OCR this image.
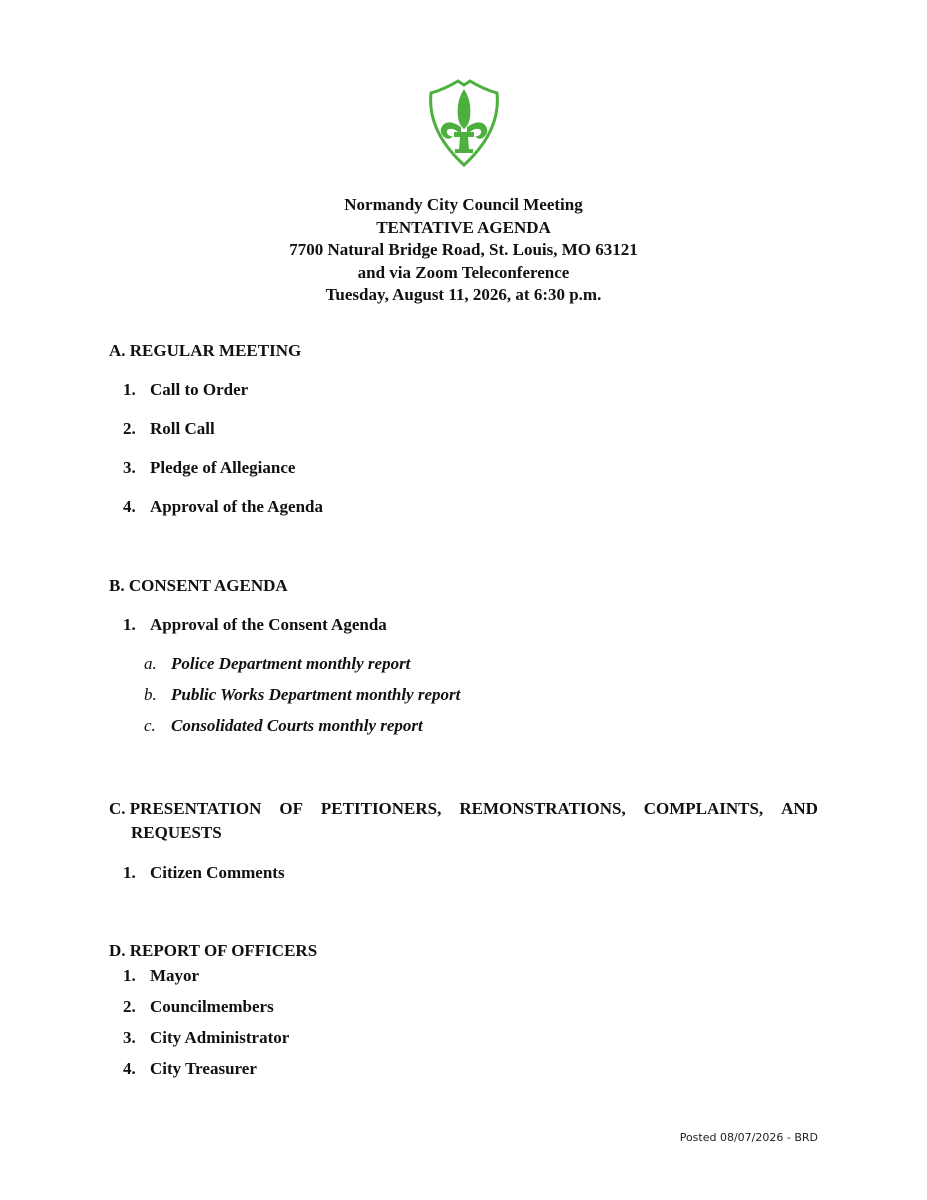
Normandy City Council Meeting
TENTATIVE AGENDA
7700 Natural Bridge Road, St. Louis, MO 63121
and via Zoom Teleconference
Tuesday, August 11, 2026, at 6:30 p.m.
A. REGULAR MEETING
1. Call to Order
2. Roll Call
3. Pledge of Allegiance
4. Approval of the Agenda
B. CONSENT AGENDA
1. Approval of the Consent Agenda
a. Police Department monthly report
b. Public Works Department monthly report
c. Consolidated Courts monthly report
C. PRESENTATION OF PETITIONERS, REMONSTRATIONS, COMPLAINTS, AND
REQUESTS
1. Citizen Comments
D. REPORT OF OFFICERS
1. Mayor
2. Councilmembers
3. City Administrator
4. City Treasurer
Posted 08/07/2026 - BRD
